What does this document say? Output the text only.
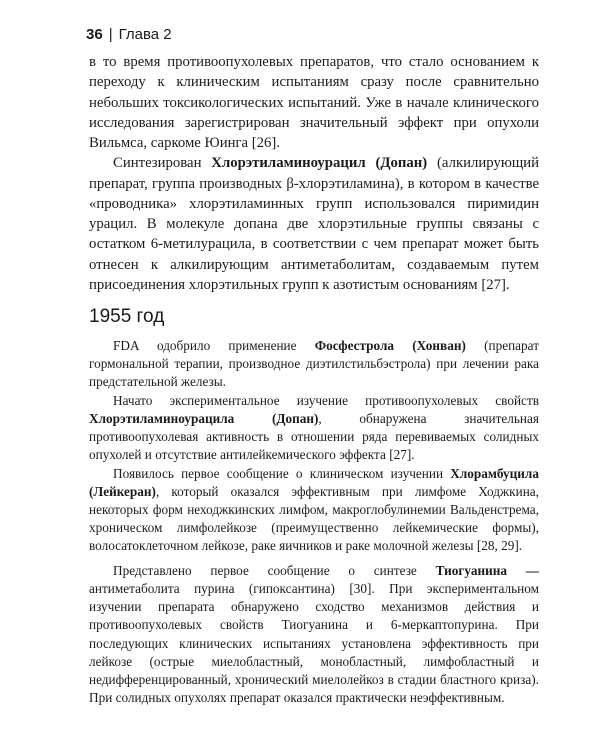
36 | Глава 2

в то время противоопухолевых препаратов, что стало основанием к переходу к клиническим испытаниям сразу после сравнительно небольших токсикологических испытаний. Уже в начале клинического исследования зарегистрирован значительный эффект при опухоли Вильмса, саркоме Юинга [26].

Синтезирован Хлорэтиламиноурацил (Допан) (алкилирующий препарат, группа производных β-хлорэтиламина), в котором в качестве «проводника» хлорэтиламинных групп использовался пиримидин урацил. В молекуле допана две хлорэтильные группы связаны с остатком 6-метилурацила, в соответствии с чем препарат может быть отнесен к алкилирующим антиметаболитам, создаваемым путем присоединения хлорэтильных групп к азотистым основаниям [27].

1955 год

FDA одобрило применение Фосфестрола (Хонван) (препарат гормональной терапии, производное диэтилстильбэстрола) при лечении рака предстательной железы.

Начато экспериментальное изучение противоопухолевых свойств Хлорэтиламиноурацила (Допан), обнаружена значительная противоопухолевая активность в отношении ряда перевиваемых солидных опухолей и отсутствие антилейкемического эффекта [27].

Появилось первое сообщение о клиническом изучении Хлорамбуцила (Лейкеран), который оказался эффективным при лимфоме Ходжкина, некоторых форм неходжкинских лимфом, макроглобулинемии Вальденстрема, хроническом лимфолейкозе (преимущественно лейкемические формы), волосатоклеточном лейкозе, раке яичников и раке молочной железы [28, 29].

Представлено первое сообщение о синтезе Тиогуанина — антиметаболита пурина (гипоксантина) [30]. При экспериментальном изучении препарата обнаружено сходство механизмов действия и противоопухолевых свойств Тиогуанина и 6-меркаптопурина. При последующих клинических испытаниях установлена эффективность при лейкозе (острые миелобластный, монобластный, лимфобластный и недифференцированный, хронический миелолейкоз в стадии бластного криза). При солидных опухолях препарат оказался практически неэффективным.
